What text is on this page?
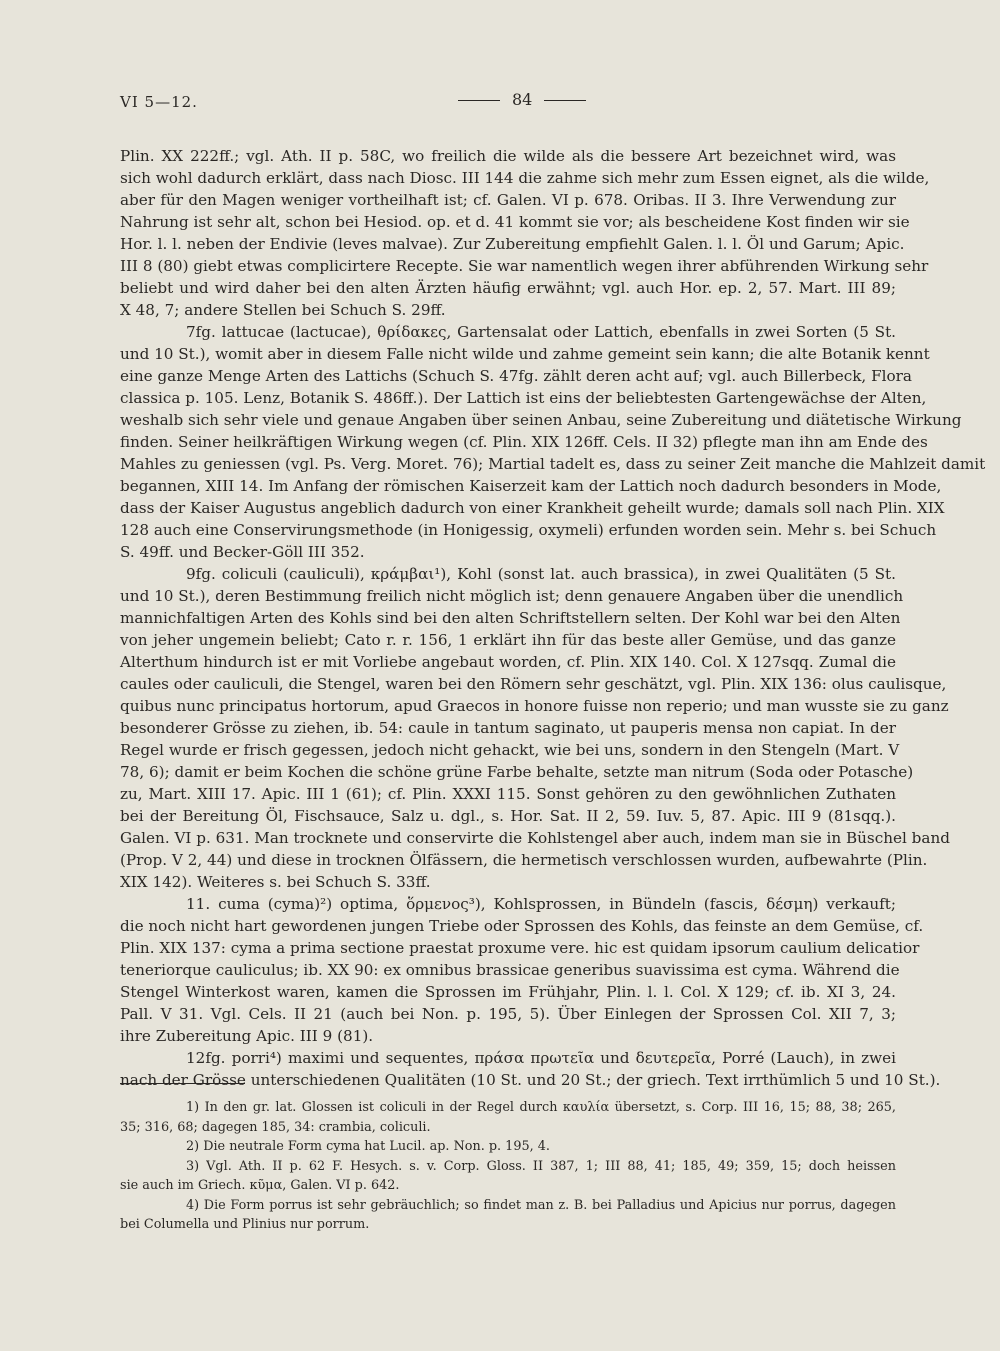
VI 5—12.	84
Plin. XX 222ff.; vgl. Ath. II p. 58C, wo freilich die wilde als die bessere Art bezeichnet wird, was
sich wohl dadurch erklärt, dass nach Diosc. III 144 die zahme sich mehr zum Essen eignet, als die wilde,
aber für den Magen weniger vortheilhaft ist; cf. Galen. VI p. 678. Oribas. II 3. Ihre Verwendung zur
Nahrung ist sehr alt, schon bei Hesiod. op. et d. 41 kommt sie vor; als bescheidene Kost finden wir sie
Hor. l. l. neben der Endivie (leves malvae). Zur Zubereitung empfiehlt Galen. l. l. Öl und Garum; Apic.
III 8 (80) giebt etwas complicirtere Recepte. Sie war namentlich wegen ihrer abführenden Wirkung sehr
beliebt und wird daher bei den alten Ärzten häufig erwähnt; vgl. auch Hor. ep. 2, 57. Mart. III 89;
X 48, 7; andere Stellen bei Schuch S. 29ff.
7fg. lattucae (lactucae), θρίδακες, Gartensalat oder Lattich, ebenfalls in zwei Sorten (5 St.
und 10 St.), womit aber in diesem Falle nicht wilde und zahme gemeint sein kann; die alte Botanik kennt
eine ganze Menge Arten des Lattichs (Schuch S. 47fg. zählt deren acht auf; vgl. auch Billerbeck, Flora
classica p. 105. Lenz, Botanik S. 486ff.). Der Lattich ist eins der beliebtesten Gartengewächse der Alten,
weshalb sich sehr viele und genaue Angaben über seinen Anbau, seine Zubereitung und diätetische Wirkung
finden. Seiner heilkräftigen Wirkung wegen (cf. Plin. XIX 126ff. Cels. II 32) pflegte man ihn am Ende des
Mahles zu geniessen (vgl. Ps. Verg. Moret. 76); Martial tadelt es, dass zu seiner Zeit manche die Mahlzeit damit
begannen, XIII 14. Im Anfang der römischen Kaiserzeit kam der Lattich noch dadurch besonders in Mode,
dass der Kaiser Augustus angeblich dadurch von einer Krankheit geheilt wurde; damals soll nach Plin. XIX
128 auch eine Conservirungsmethode (in Honigessig, oxymeli) erfunden worden sein. Mehr s. bei Schuch
S. 49ff. und Becker-Göll III 352.
9fg. coliculi (cauliculi), κράμβαι¹), Kohl (sonst lat. auch brassica), in zwei Qualitäten (5 St.
und 10 St.), deren Bestimmung freilich nicht möglich ist; denn genauere Angaben über die unendlich
mannichfaltigen Arten des Kohls sind bei den alten Schriftstellern selten. Der Kohl war bei den Alten
von jeher ungemein beliebt; Cato r. r. 156, 1 erklärt ihn für das beste aller Gemüse, und das ganze
Alterthum hindurch ist er mit Vorliebe angebaut worden, cf. Plin. XIX 140. Col. X 127sqq. Zumal die
caules oder cauliculi, die Stengel, waren bei den Römern sehr geschätzt, vgl. Plin. XIX 136: olus caulisque,
quibus nunc principatus hortorum, apud Graecos in honore fuisse non reperio; und man wusste sie zu ganz
besonderer Grösse zu ziehen, ib. 54: caule in tantum saginato, ut pauperis mensa non capiat. In der
Regel wurde er frisch gegessen, jedoch nicht gehackt, wie bei uns, sondern in den Stengeln (Mart. V
78, 6); damit er beim Kochen die schöne grüne Farbe behalte, setzte man nitrum (Soda oder Potasche)
zu, Mart. XIII 17. Apic. III 1 (61); cf. Plin. XXXI 115. Sonst gehören zu den gewöhnlichen Zuthaten
bei der Bereitung Öl, Fischsauce, Salz u. dgl., s. Hor. Sat. II 2, 59. Iuv. 5, 87. Apic. III 9 (81sqq.).
Galen. VI p. 631. Man trocknete und conservirte die Kohlstengel aber auch, indem man sie in Büschel band
(Prop. V 2, 44) und diese in trocknen Ölfässern, die hermetisch verschlossen wurden, aufbewahrte (Plin.
XIX 142). Weiteres s. bei Schuch S. 33ff.
11. cuma (cyma)²) optima, ὅρμενος³), Kohlsprossen, in Bündeln (fascis, δέσμη) verkauft;
die noch nicht hart gewordenen jungen Triebe oder Sprossen des Kohls, das feinste an dem Gemüse, cf.
Plin. XIX 137: cyma a prima sectione praestat proxume vere. hic est quidam ipsorum caulium delicatior
teneriorque cauliculus; ib. XX 90: ex omnibus brassicae generibus suavissima est cyma. Während die
Stengel Winterkost waren, kamen die Sprossen im Frühjahr, Plin. l. l. Col. X 129; cf. ib. XI 3, 24.
Pall. V 31. Vgl. Cels. II 21 (auch bei Non. p. 195, 5). Über Einlegen der Sprossen Col. XII 7, 3;
ihre Zubereitung Apic. III 9 (81).
12fg. porri⁴) maximi und sequentes, πράσα πρωτεῖα und δευτερεῖα, Porré (Lauch), in zwei
nach der Grösse unterschiedenen Qualitäten (10 St. und 20 St.; der griech. Text irrthümlich 5 und 10 St.).
1) In den gr. lat. Glossen ist coliculi in der Regel durch καυλία übersetzt, s. Corp. III 16, 15; 88, 38; 265,
35; 316, 68; dagegen 185, 34: crambia, coliculi.
2) Die neutrale Form cyma hat Lucil. ap. Non. p. 195, 4.
3) Vgl. Ath. II p. 62 F. Hesych. s. v. Corp. Gloss. II 387, 1; III 88, 41; 185, 49; 359, 15; doch heissen
sie auch im Griech. κῦμα, Galen. VI p. 642.
4) Die Form porrus ist sehr gebräuchlich; so findet man z. B. bei Palladius und Apicius nur porrus, dagegen
bei Columella und Plinius nur porrum.
